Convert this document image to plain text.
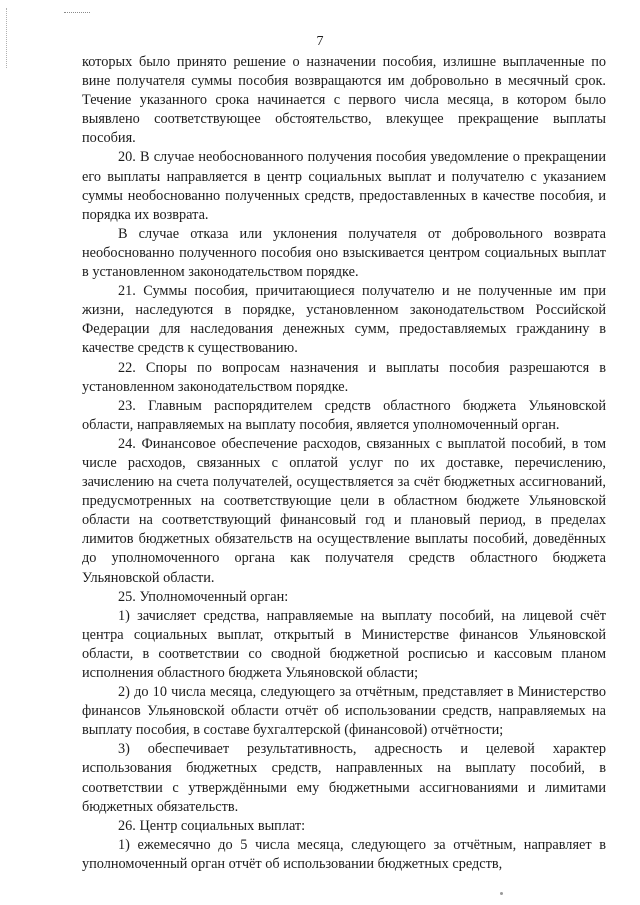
7

которых было принято решение о назначении пособия, излишне выплаченные по вине получателя суммы пособия возвращаются им добровольно в месячный срок. Течение указанного срока начинается с первого числа месяца, в котором было выявлено соответствующее обстоятельство, влекущее прекращение выплаты пособия.

20. В случае необоснованного получения пособия уведомление о прекращении его выплаты направляется в центр социальных выплат и получателю с указанием суммы необоснованно полученных средств, предоставленных в качестве пособия, и порядка их возврата.

В случае отказа или уклонения получателя от добровольного возврата необоснованно полученного пособия оно взыскивается центром социальных выплат в установленном законодательством порядке.

21. Суммы пособия, причитающиеся получателю и не полученные им при жизни, наследуются в порядке, установленном законодательством Российской Федерации для наследования денежных сумм, предоставляемых гражданину в качестве средств к существованию.

22. Споры по вопросам назначения и выплаты пособия разрешаются в установленном законодательством порядке.

23. Главным распорядителем средств областного бюджета Ульяновской области, направляемых на выплату пособия, является уполномоченный орган.

24. Финансовое обеспечение расходов, связанных с выплатой пособий, в том числе расходов, связанных с оплатой услуг по их доставке, перечислению, зачислению на счета получателей, осуществляется за счёт бюджетных ассигнований, предусмотренных на соответствующие цели в областном бюджете Ульяновской области на соответствующий финансовый год и плановый период, в пределах лимитов бюджетных обязательств на осуществление выплаты пособий, доведённых до уполномоченного органа как получателя средств областного бюджета Ульяновской области.

25. Уполномоченный орган:

1) зачисляет средства, направляемые на выплату пособий, на лицевой счёт центра социальных выплат, открытый в Министерстве финансов Ульяновской области, в соответствии со сводной бюджетной росписью и кассовым планом исполнения областного бюджета Ульяновской области;

2) до 10 числа месяца, следующего за отчётным, представляет в Министерство финансов Ульяновской области отчёт об использовании средств, направляемых на выплату пособия, в составе бухгалтерской (финансовой) отчётности;

3) обеспечивает результативность, адресность и целевой характер использования бюджетных средств, направленных на выплату пособий, в соответствии с утверждёнными ему бюджетными ассигнованиями и лимитами бюджетных обязательств.

26. Центр социальных выплат:

1) ежемесячно до 5 числа месяца, следующего за отчётным, направляет в уполномоченный орган отчёт об использовании бюджетных средств,
